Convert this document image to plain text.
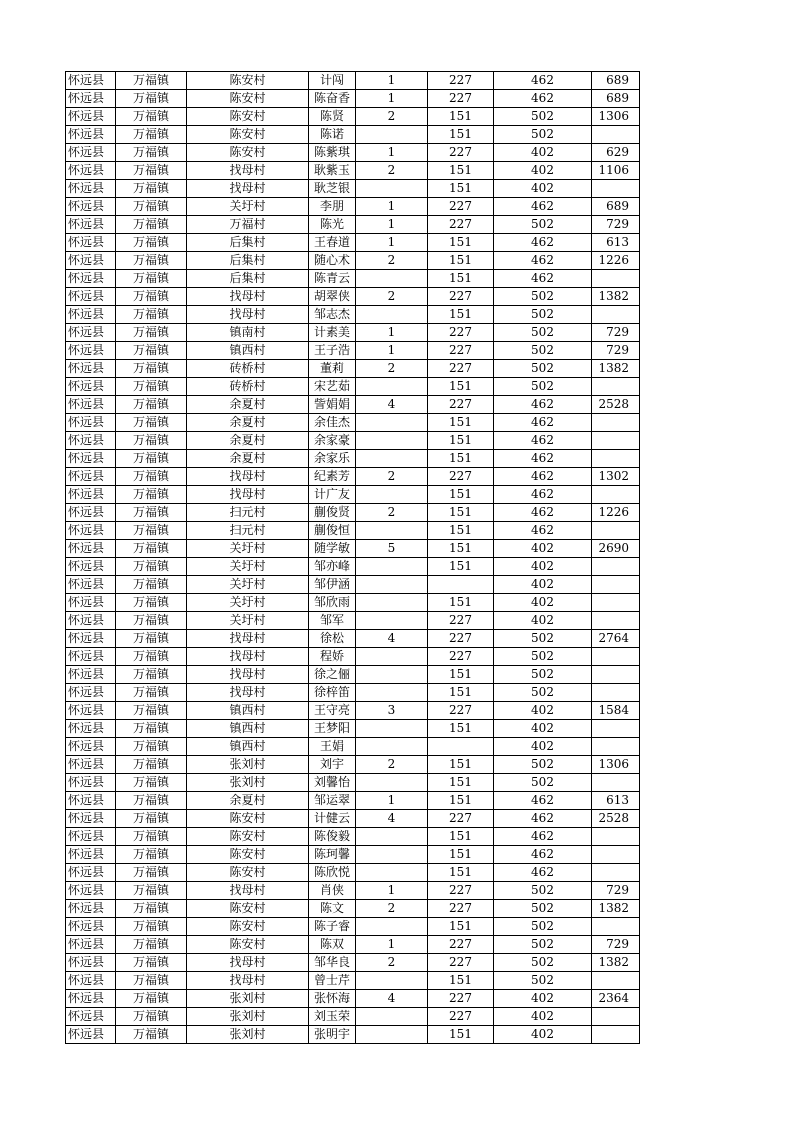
怀远县	万福镇	陈安村	计闯	1	227	462	689
怀远县	万福镇	陈安村	陈奋香	1	227	462	689
怀远县	万福镇	陈安村	陈贤	2	151	502	1306
怀远县	万福镇	陈安村	陈诺		151	502	
怀远县	万福镇	陈安村	陈紫琪	1	227	402	629
怀远县	万福镇	找母村	耿紫玉	2	151	402	1106
怀远县	万福镇	找母村	耿芝银		151	402	
怀远县	万福镇	关圩村	李朋	1	227	462	689
怀远县	万福镇	万福村	陈光	1	227	502	729
怀远县	万福镇	后集村	王春道	1	151	462	613
怀远县	万福镇	后集村	随心术	2	151	462	1226
怀远县	万福镇	后集村	陈青云		151	462	
怀远县	万福镇	找母村	胡翠侠	2	227	502	1382
怀远县	万福镇	找母村	邹志杰		151	502	
怀远县	万福镇	镇南村	计素美	1	227	502	729
怀远县	万福镇	镇西村	王子浩	1	227	502	729
怀远县	万福镇	砖桥村	董莉	2	227	502	1382
怀远县	万福镇	砖桥村	宋艺茹		151	502	
怀远县	万福镇	余夏村	訾娟娟	4	227	462	2528
怀远县	万福镇	余夏村	余佳杰		151	462	
怀远县	万福镇	余夏村	余家豪		151	462	
怀远县	万福镇	余夏村	余家乐		151	462	
怀远县	万福镇	找母村	纪素芳	2	227	462	1302
怀远县	万福镇	找母村	计广友		151	462	
怀远县	万福镇	扫元村	蒯俊贤	2	151	462	1226
怀远县	万福镇	扫元村	蒯俊恒		151	462	
怀远县	万福镇	关圩村	随学敏	5	151	402	2690
怀远县	万福镇	关圩村	邹亦峰		151	402	
怀远县	万福镇	关圩村	邹伊涵			402	
怀远县	万福镇	关圩村	邹欣雨		151	402	
怀远县	万福镇	关圩村	邹军		227	402	
怀远县	万福镇	找母村	徐松	4	227	502	2764
怀远县	万福镇	找母村	程娇		227	502	
怀远县	万福镇	找母村	徐之俪		151	502	
怀远县	万福镇	找母村	徐梓笛		151	502	
怀远县	万福镇	镇西村	王守亮	3	227	402	1584
怀远县	万福镇	镇西村	王梦阳		151	402	
怀远县	万福镇	镇西村	王娟			402	
怀远县	万福镇	张刘村	刘宇	2	151	502	1306
怀远县	万福镇	张刘村	刘馨怡		151	502	
怀远县	万福镇	余夏村	邹运翠	1	151	462	613
怀远县	万福镇	陈安村	计健云	4	227	462	2528
怀远县	万福镇	陈安村	陈俊毅		151	462	
怀远县	万福镇	陈安村	陈珂馨		151	462	
怀远县	万福镇	陈安村	陈欣悦		151	462	
怀远县	万福镇	找母村	肖侠	1	227	502	729
怀远县	万福镇	陈安村	陈文	2	227	502	1382
怀远县	万福镇	陈安村	陈子睿		151	502	
怀远县	万福镇	陈安村	陈双	1	227	502	729
怀远县	万福镇	找母村	邹华良	2	227	502	1382
怀远县	万福镇	找母村	曾士芹		151	502	
怀远县	万福镇	张刘村	张怀海	4	227	402	2364
怀远县	万福镇	张刘村	刘玉荣		227	402	
怀远县	万福镇	张刘村	张明宇		151	402	
